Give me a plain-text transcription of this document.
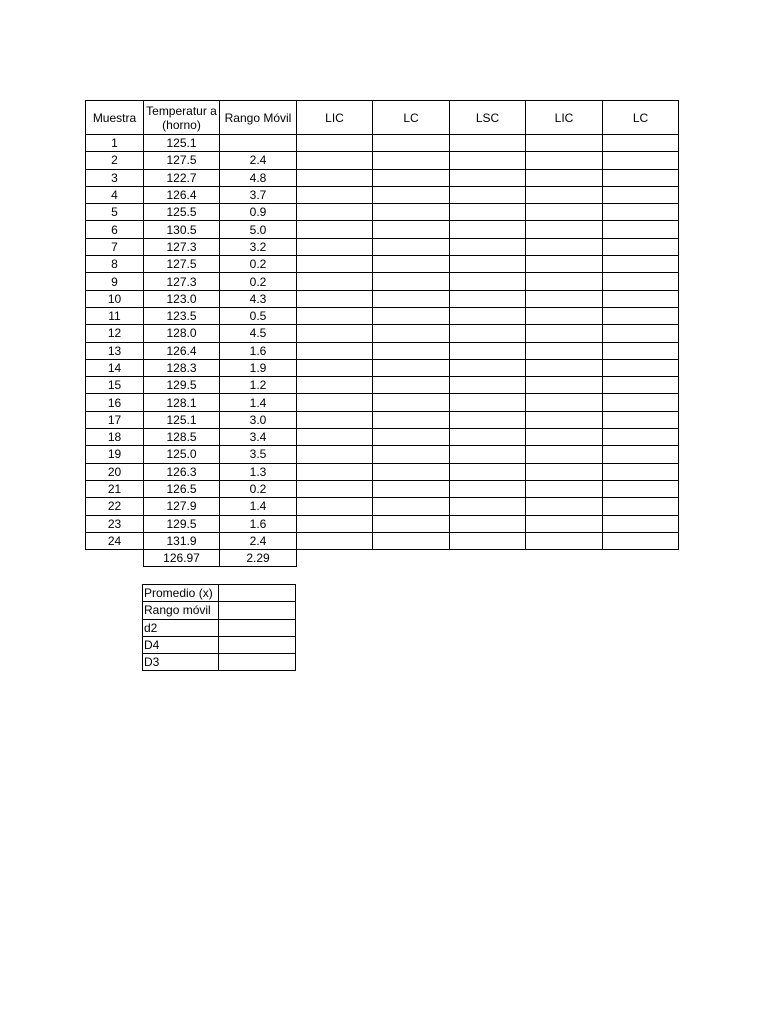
Muestra	Temperatur a (horno)	Rango Móvil	LIC	LC	LSC	LIC	LC
1	125.1						
2	127.5	2.4					
3	122.7	4.8					
4	126.4	3.7					
5	125.5	0.9					
6	130.5	5.0					
7	127.3	3.2					
8	127.5	0.2					
9	127.3	0.2					
10	123.0	4.3					
11	123.5	0.5					
12	128.0	4.5					
13	126.4	1.6					
14	128.3	1.9					
15	129.5	1.2					
16	128.1	1.4					
17	125.1	3.0					
18	128.5	3.4					
19	125.0	3.5					
20	126.3	1.3					
21	126.5	0.2					
22	127.9	1.4					
23	129.5	1.6					
24	131.9	2.4					
	126.97	2.29					
Promedio (x)	
Rango móvil	
d2	
D4	
D3	
